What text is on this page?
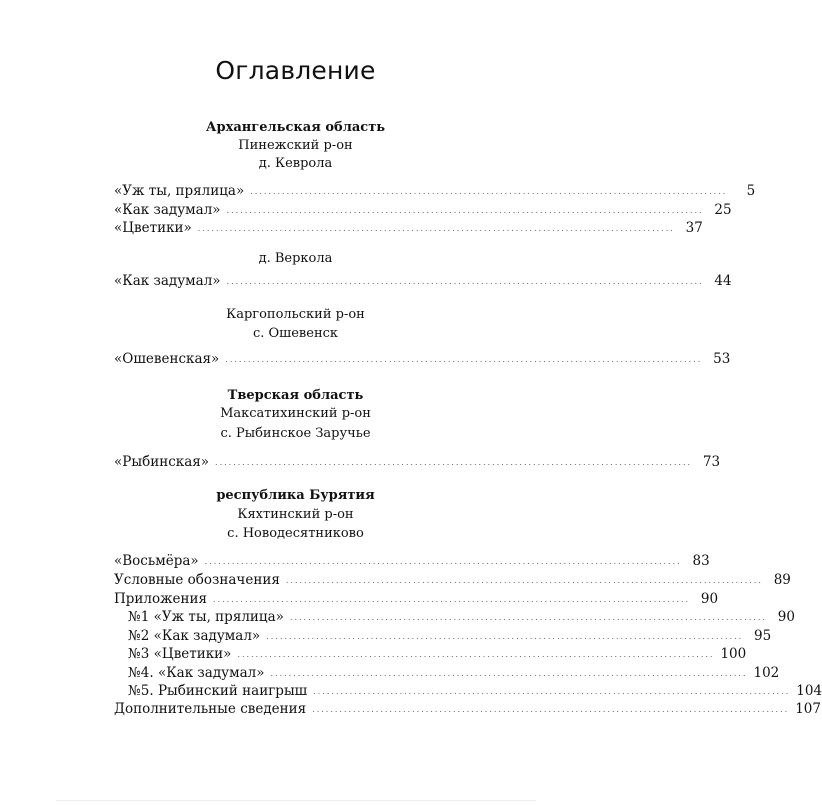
Оглавление
Архангельская область
Пинежский р-он
д. Кеврола
«Уж ты, прялица» .........................................................................................................	5
«Как задумал» ......................................................................................................... 25
«Цветики» ......................................................................................................... 37
д. Веркола
«Как задумал» ......................................................................................................... 44
Каргопольский р-он
с. Ошевенск
«Ошевенская» ......................................................................................................... 53
Тверская область
Максатихинский р-он
с. Рыбинское Заручье
«Рыбинская» ......................................................................................................... 73
республика Бурятия
Кяхтинский р-он
с. Новодесятниково
«Восьмёра» ......................................................................................................... 83
Условные обозначения ......................................................................................................... 89
Приложения ......................................................................................................... 90
№1 «Уж ты, прялица» ......................................................................................................... 90
№2 «Как задумал» ......................................................................................................... 95
№3 «Цветики» ......................................................................................................... 100
№4. «Как задумал» ......................................................................................................... 102
№5. Рыбинский наигрыш ......................................................................................................... 104
Дополнительные сведения ......................................................................................................... 107
